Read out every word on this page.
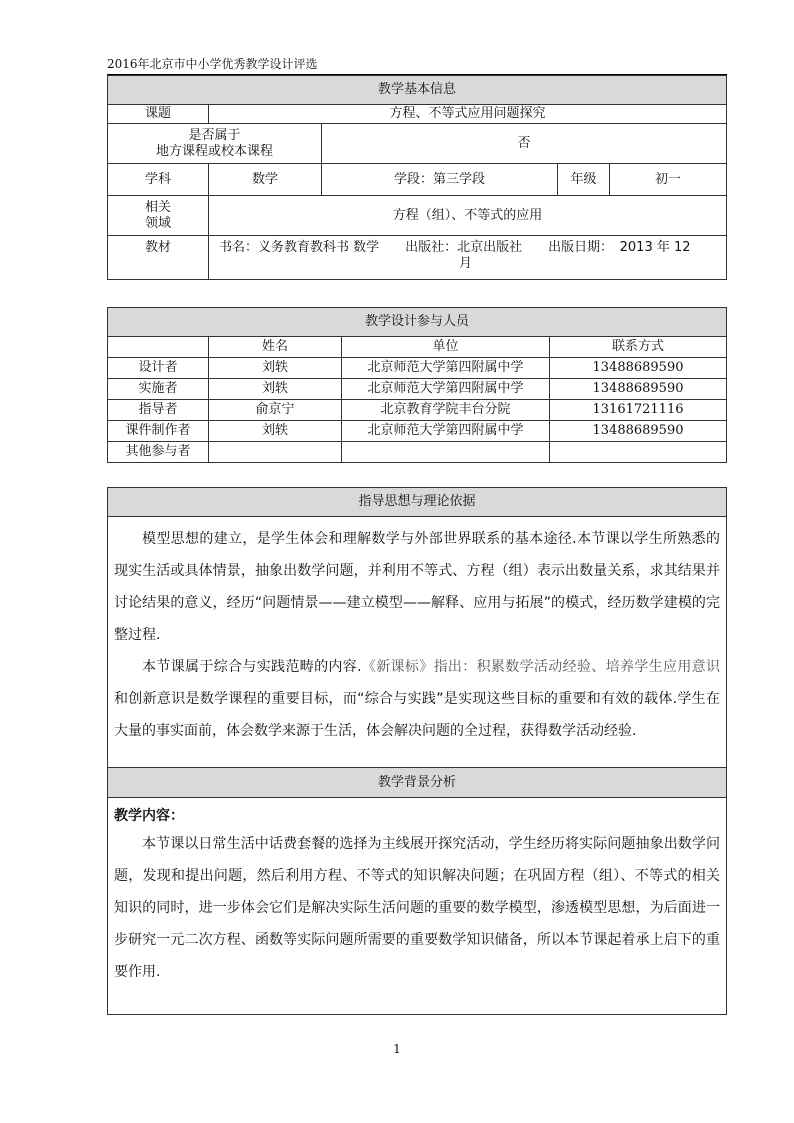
2016年北京市中小学优秀教学设计评选
教学基本信息				
课题	方程、不等式应用问题探究			

是否属于
地方课程或校本课程		否		
学科	数学	学段：第三学段	年级	初一

相关
领域	方程（组）、不等式的应用			
教材	书名：义务教育教科书 数学　　出版社：北京出版社　　出版日期：　2013 年 12
月			
教学设计参与人员			
	姓名	单位	联系方式
设计者	刘轶	北京师范大学第四附属中学	13488689590
实施者	刘轶	北京师范大学第四附属中学	13488689590
指导者	俞京宁	北京教育学院丰台分院	13161721116
课件制作者	刘轶	北京师范大学第四附属中学	13488689590
其他参与者			
指导思想与理论依据

模型思想的建立，是学生体会和理解数学与外部世界联系的基本途径.本节课以学生所熟悉的现实生活或具体情景，抽象出数学问题，并利用不等式、方程（组）表示出数量关系，求其结果并讨论结果的意义，经历“问题情景——建立模型——解释、应用与拓展”的模式，经历数学建模的完整过程.

本节课属于综合与实践范畴的内容.《新课标》指出：积累数学活动经验、培养学生应用意识和创新意识是数学课程的重要目标，而“综合与实践”是实现这些目标的重要和有效的载体.学生在大量的事实面前，体会数学来源于生活，体会解决问题的全过程，获得数学活动经验.

教学背景分析

教学内容：

本节课以日常生活中话费套餐的选择为主线展开探究活动，学生经历将实际问题抽象出数学问题，发现和提出问题，然后利用方程、不等式的知识解决问题；在巩固方程（组）、不等式的相关知识的同时，进一步体会它们是解决实际生活问题的重要的数学模型，渗透模型思想，为后面进一步研究一元二次方程、函数等实际问题所需要的重要数学知识储备，所以本节课起着承上启下的重要作用.

1
